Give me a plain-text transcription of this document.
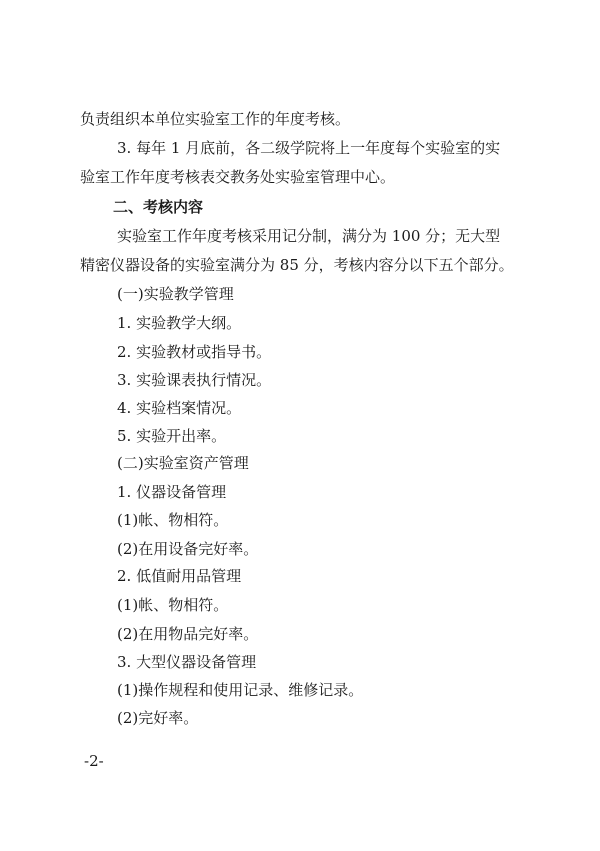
负责组织本单位实验室工作的年度考核。
3. 每年 1 月底前，各二级学院将上一年度每个实验室的实
验室工作年度考核表交教务处实验室管理中心。
二、考核内容
实验室工作年度考核采用记分制，满分为 100 分；无大型
精密仪器设备的实验室满分为 85 分，考核内容分以下五个部分。
(一)实验教学管理
1. 实验教学大纲。
2. 实验教材或指导书。
3. 实验课表执行情况。
4. 实验档案情况。
5. 实验开出率。
(二)实验室资产管理
1. 仪器设备管理
(1)帐、物相符。
(2)在用设备完好率。
2. 低值耐用品管理
(1)帐、物相符。
(2)在用物品完好率。
3. 大型仪器设备管理
(1)操作规程和使用记录、维修记录。
(2)完好率。
-2-
